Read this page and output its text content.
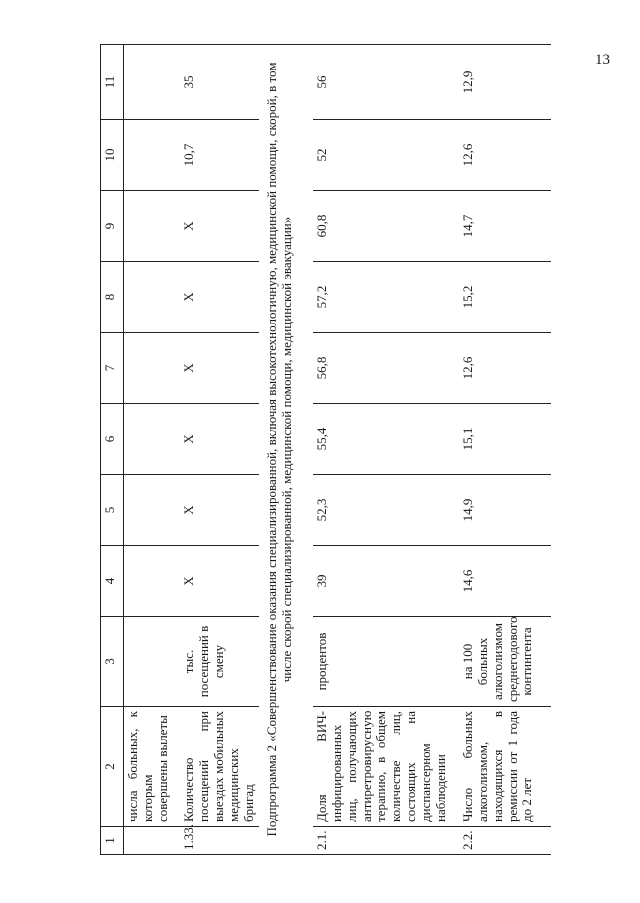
13
1	2	3	4	5	6	7	8	9	10	11
	числа больных, к которым совершены вылеты									
1.33.	Количество посещений при выездах мобильных медицинских бригад	тыс. посещений в смену	Х	Х	Х	Х	Х	Х	10,7	35
Подпрограмма 2 «Совершенствование оказания специализированной, включая высокотехнологичную, медицинской помощи, скорой, в том числе скорой специализированной, медицинской помощи, медицинской эвакуации»										
2.1.	Доля ВИЧ-инфицированных лиц, получающих антиретровирусную терапию, в общем количестве лиц, состоящих на диспансерном наблюдении	процентов	39	52,3	55,4	56,8	57,2	60,8	52	56
2.2.	Число больных алкоголизмом, находящихся в ремиссии от 1 года до 2 лет	на 100 больных алкоголизмом среднегодового контингента	14,6	14,9	15,1	12,6	15,2	14,7	12,6	12,9
